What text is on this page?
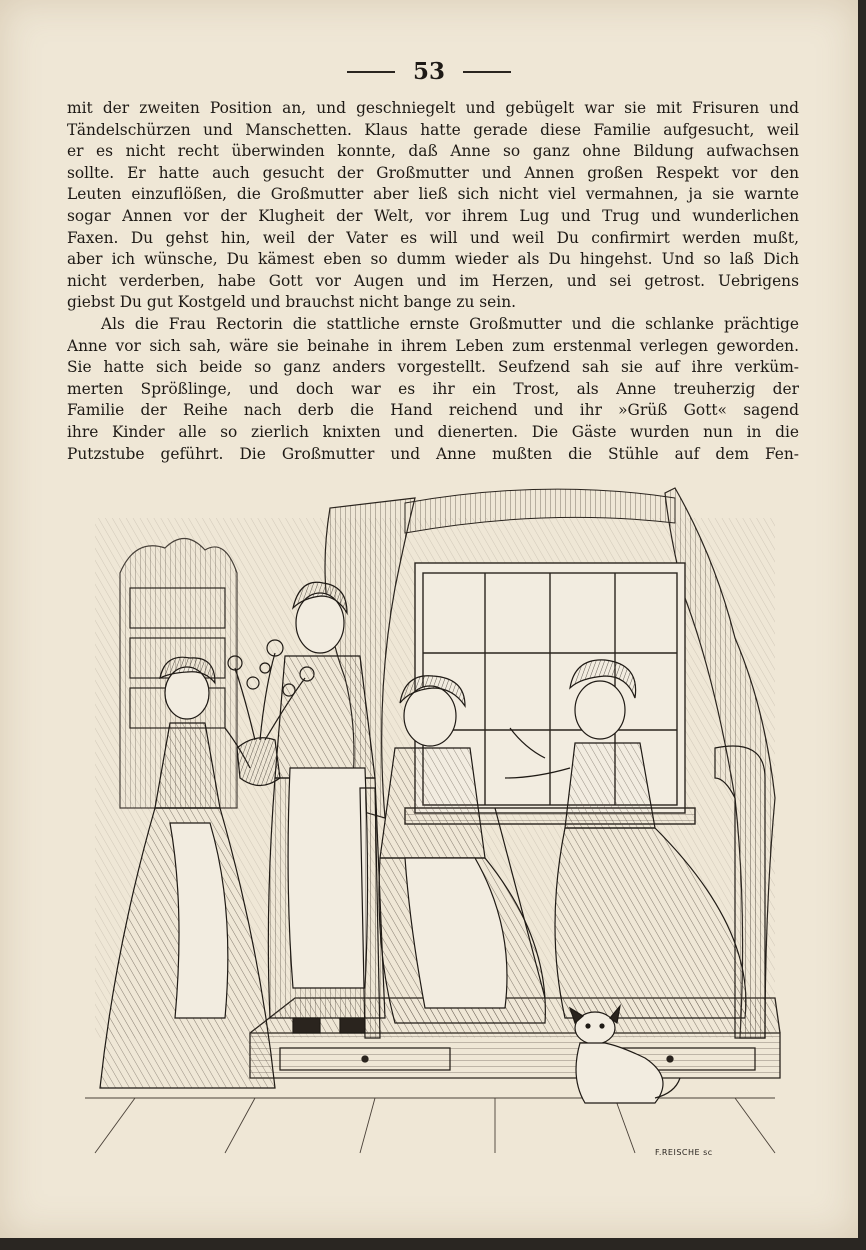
53
mit der zweiten Position an, und geschniegelt und gebügelt war sie mit Frisuren und
Tändelschürzen und Manschetten. Klaus hatte gerade diese Familie aufgesucht, weil
er es nicht recht überwinden konnte, daß Anne so ganz ohne Bildung aufwachsen
sollte. Er hatte auch gesucht der Großmutter und Annen großen Respekt vor den
Leuten einzuflößen, die Großmutter aber ließ sich nicht viel vermahnen, ja sie warnte
sogar Annen vor der Klugheit der Welt, vor ihrem Lug und Trug und wunderlichen
Faxen. Du gehst hin, weil der Vater es will und weil Du confirmirt werden mußt,
aber ich wünsche, Du kämest eben so dumm wieder als Du hingehst. Und so laß Dich
nicht verderben, habe Gott vor Augen und im Herzen, und sei getrost. Uebrigens
giebst Du gut Kostgeld und brauchst nicht bange zu sein.
Als die Frau Rectorin die stattliche ernste Großmutter und die schlanke prächtige
Anne vor sich sah, wäre sie beinahe in ihrem Leben zum erstenmal verlegen geworden.
Sie hatte sich beide so ganz anders vorgestellt. Seufzend sah sie auf ihre verküm-
merten Sprößlinge, und doch war es ihr ein Trost, als Anne treuherzig der
Familie der Reihe nach derb die Hand reichend und ihr »Grüß Gott« sagend
ihre Kinder alle so zierlich knixten und dienerten. Die Gäste wurden nun in die
Putzstube geführt. Die Großmutter und Anne mußten die Stühle auf dem Fen-
F.REISCHE sc
